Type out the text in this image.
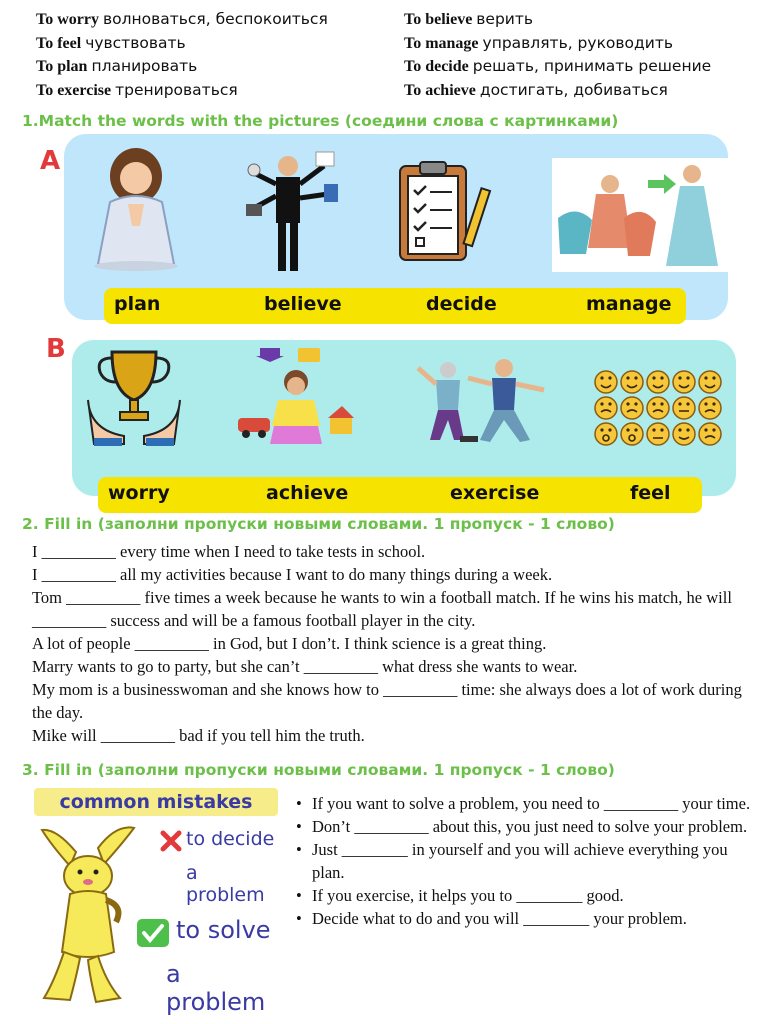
To worry волноваться, беспокоиться
To feel чувствовать
To plan планировать
To exercise тренироваться
To believe верить
To manage управлять, руководить
To decide решать, принимать решение
To achieve достигать, добиваться
1.Match the words with the pictures (соедини слова с картинками)
A
plan	believe	decide	manage
B
worry	achieve	exercise	feel
2. Fill in (заполни пропуски новыми словами. 1 пропуск - 1 слово)

I _________ every time when I need to take tests in school.

I _________ all my activities because I want to do many things during a week.

Tom _________ five times a week because he wants to win a football match. If he wins his match, he will _________ success and will be a famous football player in the city.

A lot of people _________ in God, but I don’t. I think science is a great thing.

Marry wants to go to party, but she can’t _________ what dress she wants to wear.

My mom is a businesswoman and she knows how to _________ time: she always does a lot of work during the day.

Mike will _________ bad if you tell him the truth.

3. Fill in (заполни пропуски новыми словами. 1 пропуск - 1 слово)
common mistakes
to decide
a problem
to solve
a problem
• If you want to solve a problem, you need to _________ your time.
• Don’t _________ about this, you just need to solve your problem.
• Just ________ in yourself and you will achieve everything you plan.
• If you exercise, it helps you to ________ good.
• Decide what to do and you will ________ your problem.
